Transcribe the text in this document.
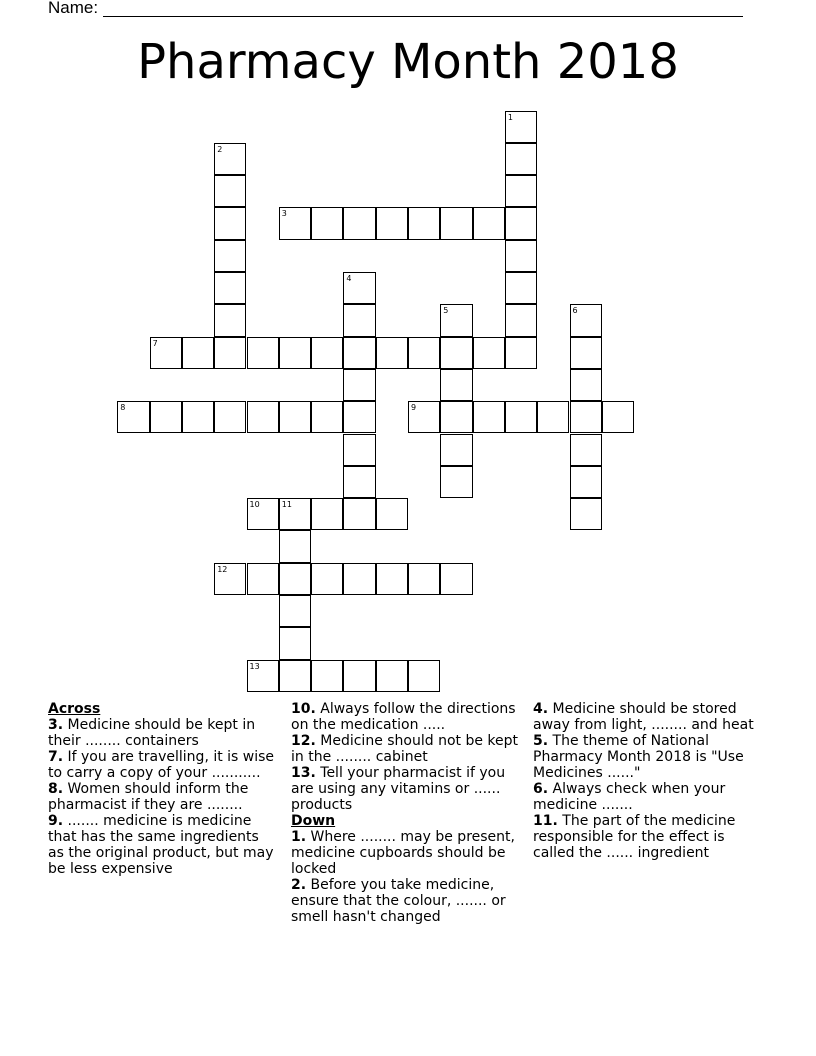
Name:
Pharmacy Month 2018
1
2
3
4
5	6
7
8	9
10	11
12
13

Across

3. Medicine should be kept in their ........ containers

7. If you are travelling, it is wise to carry a copy of your ...........

8. Women should inform the pharmacist if they are ........

9. ....... medicine is medicine that has the same ingredients as the original product, but may be less expensive

10. Always follow the directions on the medication .....

12. Medicine should not be kept in the ........ cabinet

13. Tell your pharmacist if you are using any vitamins or ...... products

Down

1. Where ........ may be present, medicine cupboards should be locked

2. Before you take medicine, ensure that the colour, ....... or smell hasn't changed

4. Medicine should be stored away from light, ........ and heat

5. The theme of National Pharmacy Month 2018 is "Use Medicines ......"

6. Always check when your medicine .......

11. The part of the medicine responsible for the effect is called the ...... ingredient
